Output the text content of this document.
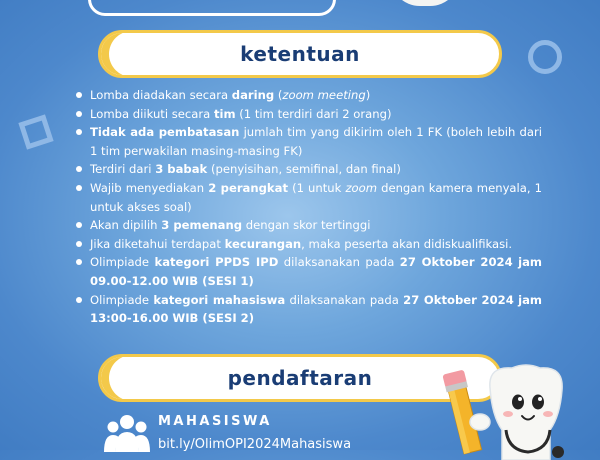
ketentuan
Lomba diadakan secara daring (zoom meeting)
Lomba diikuti secara tim (1 tim terdiri dari 2 orang)
Tidak ada pembatasan jumlah tim yang dikirim oleh 1 FK (boleh lebih dari 1 tim perwakilan masing-masing FK)
Terdiri dari 3 babak (penyisihan, semifinal, dan final)
Wajib menyediakan 2 perangkat (1 untuk zoom dengan kamera menyala, 1 untuk akses soal)
Akan dipilih 3 pemenang dengan skor tertinggi
Jika diketahui terdapat kecurangan, maka peserta akan didiskualifikasi.
Olimpiade kategori PPDS IPD dilaksanakan pada 27 Oktober 2024 jam 09.00-12.00 WIB (SESI 1)
Olimpiade kategori mahasiswa dilaksanakan pada 27 Oktober 2024 jam 13:00-16.00 WIB (SESI 2)
pendaftaran
MAHASISWA
bit.ly/OlimOPI2024Mahasiswa
